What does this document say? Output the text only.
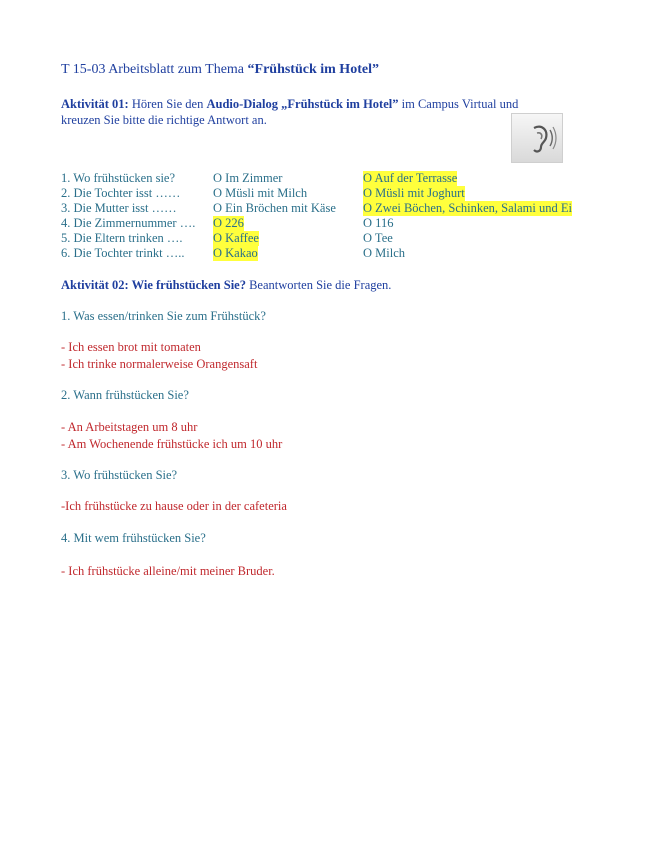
T 15-03 Arbeitsblatt zum Thema “Frühstück im Hotel”
Aktivität 01: Hören Sie den Audio-Dialog „Frühstück im Hotel” im Campus Virtual und
kreuzen Sie bitte die richtige Antwort an.
1. Wo frühstücken sie?	O Im Zimmer	O Auf der Terrasse
2. Die Tochter isst ……	O Müsli mit Milch	O Müsli mit Joghurt
3. Die Mutter isst ……	O Ein Bröchen mit Käse O Zwei Böchen, Schinken, Salami und Ei
4. Die Zimmernummer …. O 226	O 116
5. Die Eltern trinken …. O Kaffee	O Tee
6. Die Tochter trinkt ….. O Kakao	O Milch
Aktivität 02: Wie frühstücken Sie? Beantworten Sie die Fragen.
1. Was essen/trinken Sie zum Frühstück?
- Ich essen brot mit tomaten
- Ich trinke normalerweise Orangensaft
2. Wann frühstücken Sie?
- An Arbeitstagen um 8 uhr
- Am Wochenende frühstücke ich um 10 uhr
3. Wo frühstücken Sie?
-Ich frühstücke zu hause oder in der cafeteria
4. Mit wem frühstücken Sie?
- Ich frühstücke alleine/mit meiner Bruder.
